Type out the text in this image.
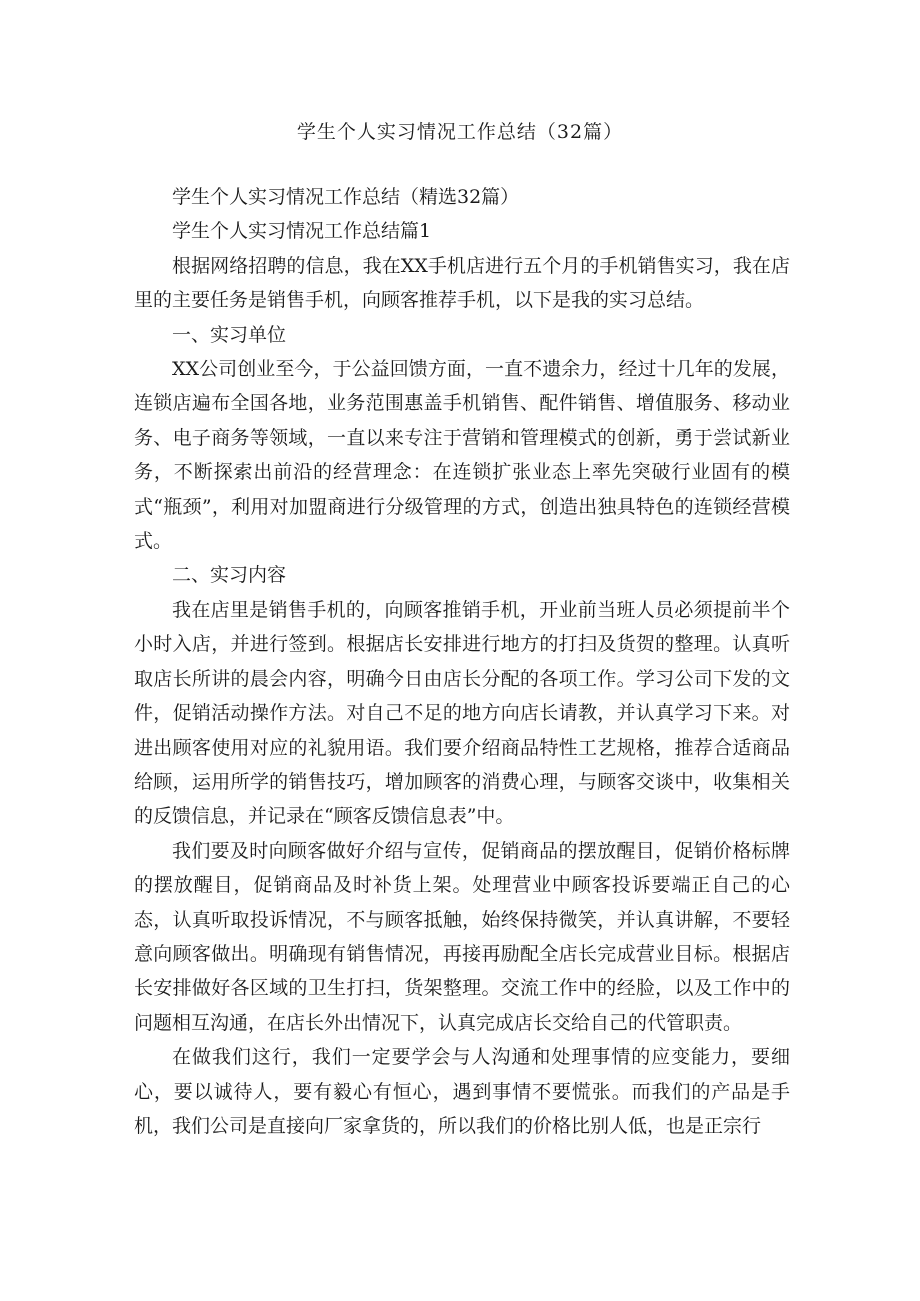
学生个人实习情况工作总结（32篇）

学生个人实习情况工作总结（精选32篇）

学生个人实习情况工作总结篇1

根据网络招聘的信息，我在XX手机店进行五个月的手机销售实习，我在店里的主要任务是销售手机，向顾客推荐手机，以下是我的实习总结。

一、实习单位

XX公司创业至今，于公益回馈方面，一直不遗余力，经过十几年的发展，连锁店遍布全国各地，业务范围惠盖手机销售、配件销售、增值服务、移动业务、电子商务等领域，一直以来专注于营销和管理模式的创新，勇于尝试新业务，不断探索出前沿的经营理念：在连锁扩张业态上率先突破行业固有的模式“瓶颈”，利用对加盟商进行分级管理的方式，创造出独具特色的连锁经营模式。

二、实习内容

我在店里是销售手机的，向顾客推销手机，开业前当班人员必须提前半个小时入店，并进行签到。根据店长安排进行地方的打扫及货贺的整理。认真听取店长所讲的晨会内容，明确今日由店长分配的各项工作。学习公司下发的文件，促销活动操作方法。对自己不足的地方向店长请教，并认真学习下来。对进出顾客使用对应的礼貌用语。我们要介绍商品特性工艺规格，推荐合适商品给顾，运用所学的销售技巧，增加顾客的消费心理，与顾客交谈中，收集相关的反馈信息，并记录在“顾客反馈信息表”中。

我们要及时向顾客做好介绍与宣传，促销商品的摆放醒目，促销价格标牌的摆放醒目，促销商品及时补货上架。处理营业中顾客投诉要端正自己的心态，认真听取投诉情况，不与顾客抵触，始终保持微笑，并认真讲解，不要轻意向顾客做出。明确现有销售情况，再接再励配全店长完成营业目标。根据店长安排做好各区域的卫生打扫，货架整理。交流工作中的经脸，以及工作中的问题相互沟通，在店长外出情况下，认真完成店长交给自己的代管职责。

在做我们这行，我们一定要学会与人沟通和处理事情的应变能力，要细心，要以诚待人，要有毅心有恒心，遇到事情不要慌张。而我们的产品是手机，我们公司是直接向厂家拿货的，所以我们的价格比别人低，也是正宗行
